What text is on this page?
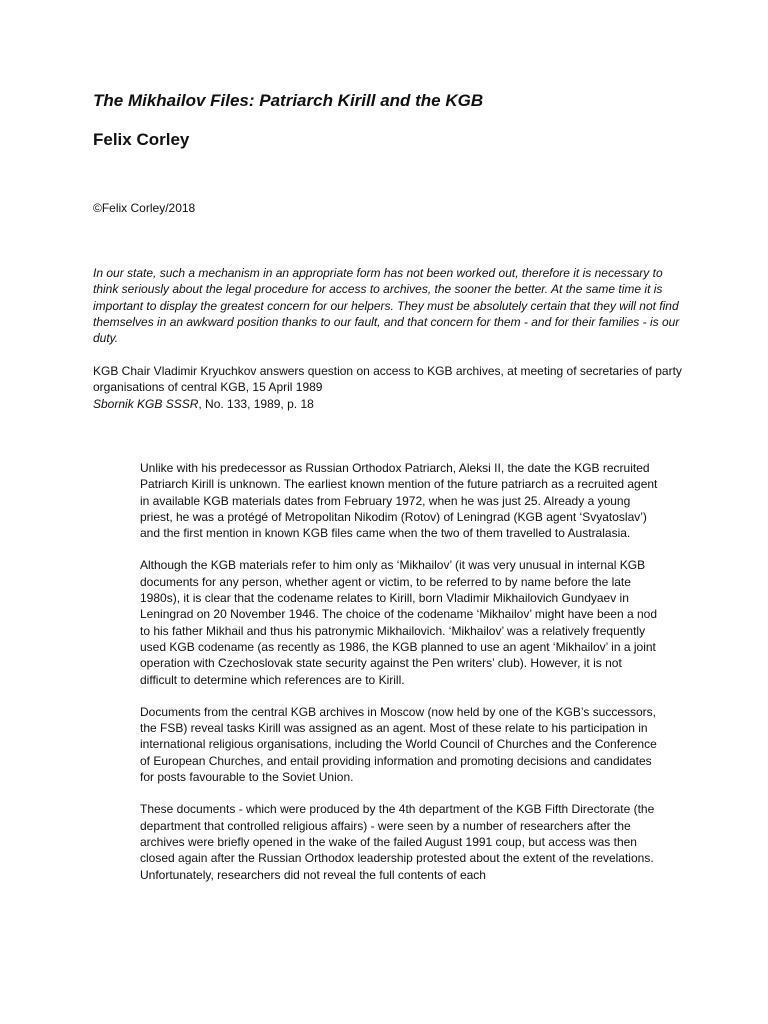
The Mikhailov Files: Patriarch Kirill and the KGB
Felix Corley
©Felix Corley/2018

In our state, such a mechanism in an appropriate form has not been worked out, therefore it is necessary to think seriously about the legal procedure for access to archives, the sooner the better. At the same time it is important to display the greatest concern for our helpers. They must be absolutely certain that they will not find themselves in an awkward position thanks to our fault, and that concern for them - and for their families - is our duty.

KGB Chair Vladimir Kryuchkov answers question on access to KGB archives, at meeting of secretaries of party organisations of central KGB, 15 April 1989
Sbornik KGB SSSR, No. 133, 1989, p. 18

Unlike with his predecessor as Russian Orthodox Patriarch, Aleksi II, the date the KGB recruited Patriarch Kirill is unknown. The earliest known mention of the future patriarch as a recruited agent in available KGB materials dates from February 1972, when he was just 25. Already a young priest, he was a protégé of Metropolitan Nikodim (Rotov) of Leningrad (KGB agent ‘Svyatoslav’) and the first mention in known KGB files came when the two of them travelled to Australasia.

Although the KGB materials refer to him only as ‘Mikhailov’ (it was very unusual in internal KGB documents for any person, whether agent or victim, to be referred to by name before the late 1980s), it is clear that the codename relates to Kirill, born Vladimir Mikhailovich Gundyaev in Leningrad on 20 November 1946. The choice of the codename ‘Mikhailov’ might have been a nod to his father Mikhail and thus his patronymic Mikhailovich. ‘Mikhailov’ was a relatively frequently used KGB codename (as recently as 1986, the KGB planned to use an agent ‘Mikhailov’ in a joint operation with Czechoslovak state security against the Pen writers’ club). However, it is not difficult to determine which references are to Kirill.

Documents from the central KGB archives in Moscow (now held by one of the KGB’s successors, the FSB) reveal tasks Kirill was assigned as an agent. Most of these relate to his participation in international religious organisations, including the World Council of Churches and the Conference of European Churches, and entail providing information and promoting decisions and candidates for posts favourable to the Soviet Union.

These documents - which were produced by the 4th department of the KGB Fifth Directorate (the department that controlled religious affairs) - were seen by a number of researchers after the archives were briefly opened in the wake of the failed August 1991 coup, but access was then closed again after the Russian Orthodox leadership protested about the extent of the revelations. Unfortunately, researchers did not reveal the full contents of each
